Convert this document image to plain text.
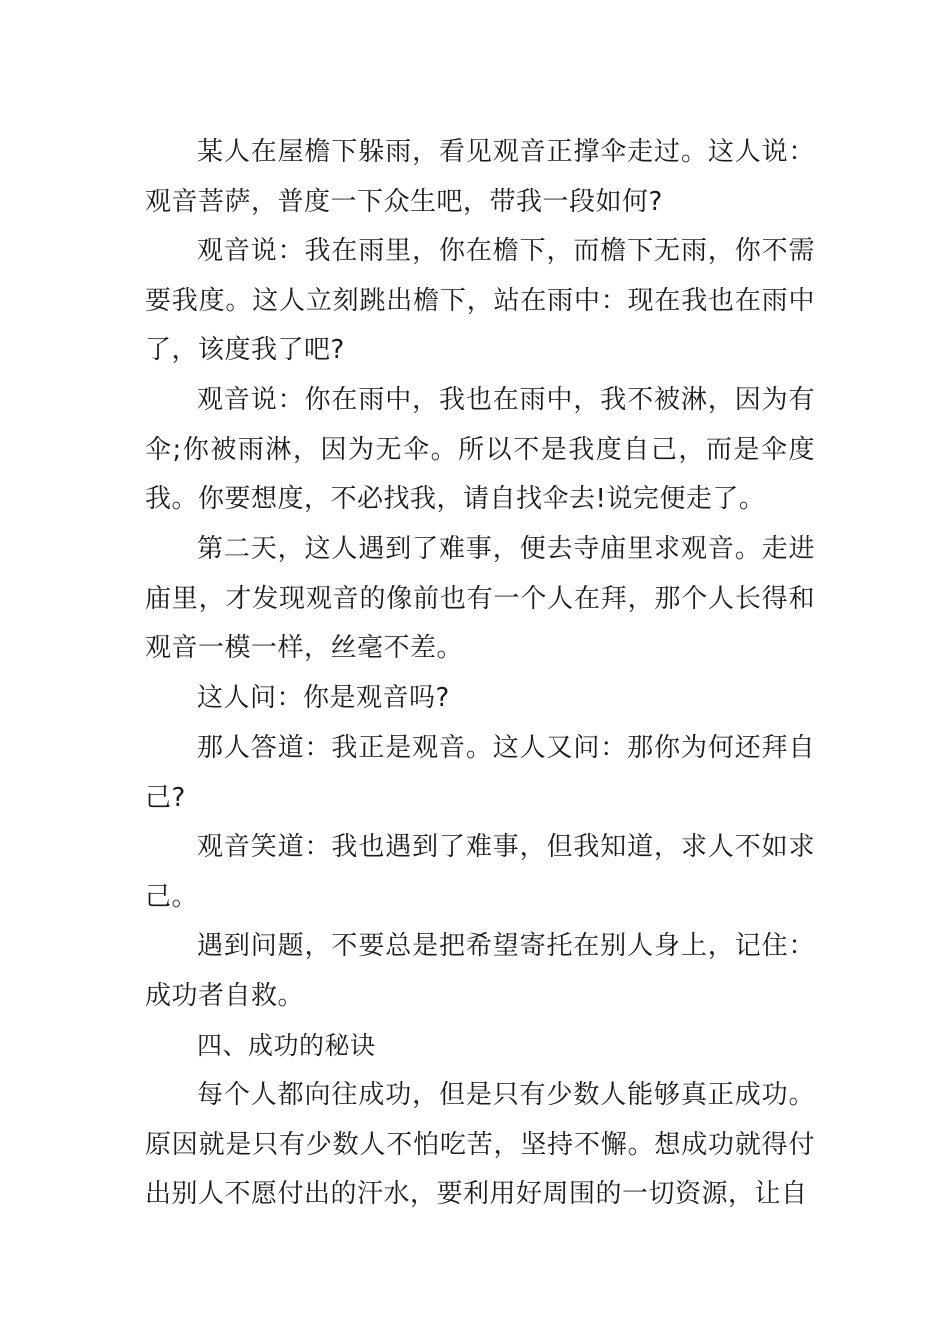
某人在屋檐下躲雨，看见观音正撑伞走过。这人说：观音菩萨，普度一下众生吧，带我一段如何?

观音说：我在雨里，你在檐下，而檐下无雨，你不需要我度。这人立刻跳出檐下，站在雨中：现在我也在雨中了，该度我了吧?

观音说：你在雨中，我也在雨中，我不被淋，因为有伞;你被雨淋，因为无伞。所以不是我度自己，而是伞度我。你要想度，不必找我，请自找伞去!说完便走了。

第二天，这人遇到了难事，便去寺庙里求观音。走进庙里，才发现观音的像前也有一个人在拜，那个人长得和观音一模一样，丝毫不差。

这人问：你是观音吗?

那人答道：我正是观音。这人又问：那你为何还拜自己?

观音笑道：我也遇到了难事，但我知道，求人不如求己。

遇到问题，不要总是把希望寄托在别人身上，记住：成功者自救。

四、成功的秘诀

每个人都向往成功，但是只有少数人能够真正成功。原因就是只有少数人不怕吃苦，坚持不懈。想成功就得付出别人不愿付出的汗水，要利用好周围的一切资源，让自
